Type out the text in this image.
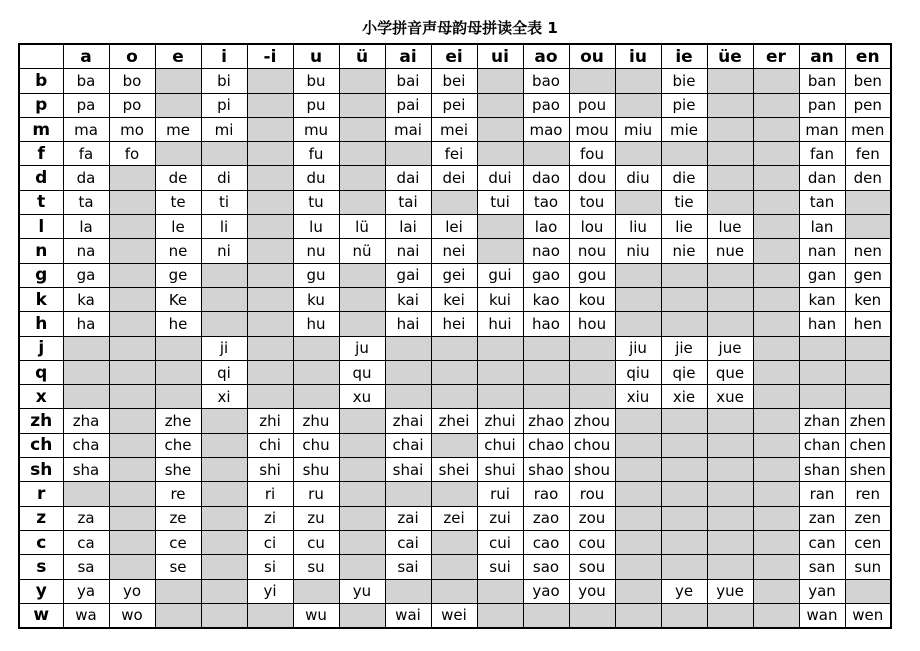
小学拼音声母韵母拼读全表 1
	a	o	e	i	-i	u	ü	ai	ei	ui	ao	ou	iu	ie	üe	er	an	en
b	ba	bo		bi		bu		bai	bei		bao			bie			ban	ben
p	pa	po		pi		pu		pai	pei		pao	pou		pie			pan	pen
m	ma	mo	me	mi		mu		mai	mei		mao	mou	miu	mie			man	men
f	fa	fo				fu			fei			fou					fan	fen
d	da		de	di		du		dai	dei	dui	dao	dou	diu	die			dan	den
t	ta		te	ti		tu		tai		tui	tao	tou		tie			tan	
l	la		le	li		lu	lü	lai	lei		lao	lou	liu	lie	lue		lan	
n	na		ne	ni		nu	nü	nai	nei		nao	nou	niu	nie	nue		nan	nen
g	ga		ge			gu		gai	gei	gui	gao	gou					gan	gen
k	ka		Ke			ku		kai	kei	kui	kao	kou					kan	ken
h	ha		he			hu		hai	hei	hui	hao	hou					han	hen
j				ji			ju						jiu	jie	jue			
q				qi			qu						qiu	qie	que			
x				xi			xu						xiu	xie	xue			
zh	zha		zhe		zhi	zhu		zhai	zhei	zhui	zhao	zhou					zhan	zhen
ch	cha		che		chi	chu		chai		chui	chao	chou					chan	chen
sh	sha		she		shi	shu		shai	shei	shui	shao	shou					shan	shen
r			re		ri	ru				rui	rao	rou					ran	ren
z	za		ze		zi	zu		zai	zei	zui	zao	zou					zan	zen
c	ca		ce		ci	cu		cai		cui	cao	cou					can	cen
s	sa		se		si	su		sai		sui	sao	sou					san	sun
y	ya	yo			yi		yu				yao	you		ye	yue		yan	
w	wa	wo				wu		wai	wei								wan	wen
